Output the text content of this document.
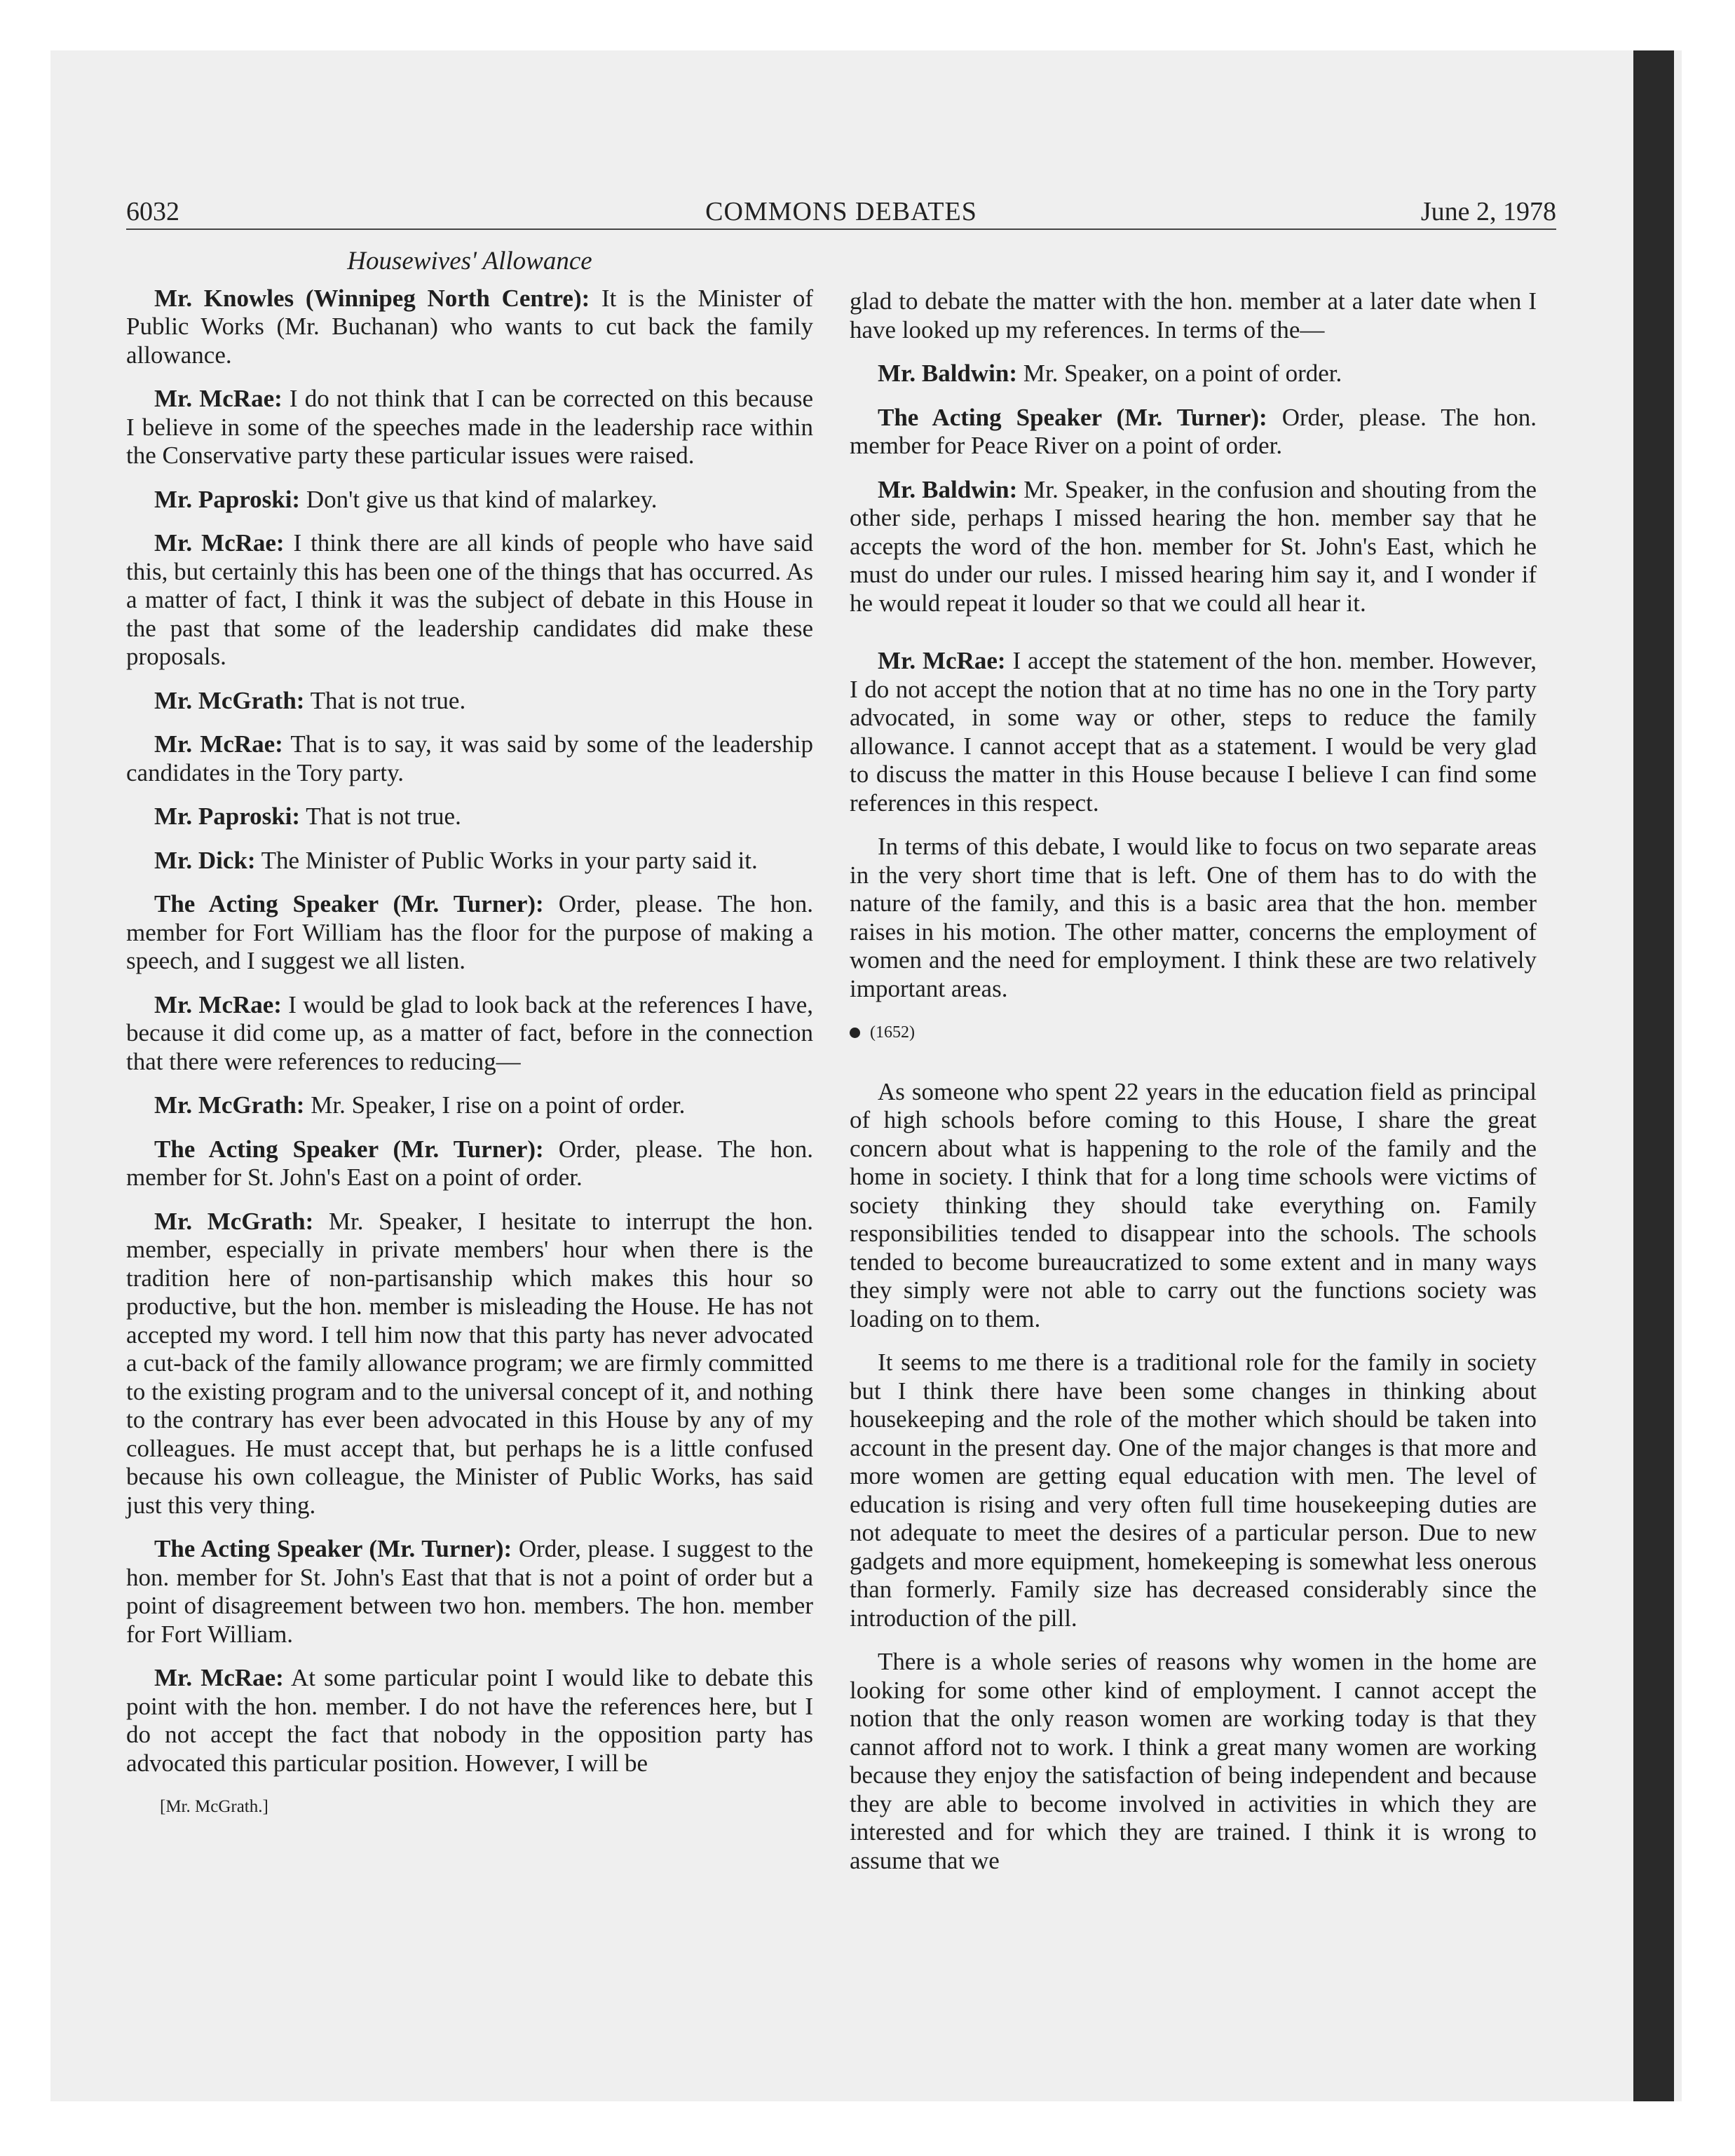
6032	COMMONS DEBATES	June 2, 1978
Housewives' Allowance

Mr. Knowles (Winnipeg North Centre): It is the Minister of Public Works (Mr. Buchanan) who wants to cut back the family allowance.

Mr. McRae: I do not think that I can be corrected on this because I believe in some of the speeches made in the leadership race within the Conservative party these particular issues were raised.

Mr. Paproski: Don't give us that kind of malarkey.

Mr. McRae: I think there are all kinds of people who have said this, but certainly this has been one of the things that has occurred. As a matter of fact, I think it was the subject of debate in this House in the past that some of the leadership candidates did make these proposals.

Mr. McGrath: That is not true.

Mr. McRae: That is to say, it was said by some of the leadership candidates in the Tory party.

Mr. Paproski: That is not true.

Mr. Dick: The Minister of Public Works in your party said it.

The Acting Speaker (Mr. Turner): Order, please. The hon. member for Fort William has the floor for the purpose of making a speech, and I suggest we all listen.

Mr. McRae: I would be glad to look back at the references I have, because it did come up, as a matter of fact, before in the connection that there were references to reducing—

Mr. McGrath: Mr. Speaker, I rise on a point of order.

The Acting Speaker (Mr. Turner): Order, please. The hon. member for St. John's East on a point of order.

Mr. McGrath: Mr. Speaker, I hesitate to interrupt the hon. member, especially in private members' hour when there is the tradition here of non-partisanship which makes this hour so productive, but the hon. member is misleading the House. He has not accepted my word. I tell him now that this party has never advocated a cut-back of the family allowance program; we are firmly committed to the existing program and to the universal concept of it, and nothing to the contrary has ever been advocated in this House by any of my colleagues. He must accept that, but perhaps he is a little confused because his own colleague, the Minister of Public Works, has said just this very thing.

The Acting Speaker (Mr. Turner): Order, please. I suggest to the hon. member for St. John's East that that is not a point of order but a point of disagreement between two hon. members. The hon. member for Fort William.

Mr. McRae: At some particular point I would like to debate this point with the hon. member. I do not have the references here, but I do not accept the fact that nobody in the opposition party has advocated this particular position. However, I will be

[Mr. McGrath.]

glad to debate the matter with the hon. member at a later date when I have looked up my references. In terms of the—

Mr. Baldwin: Mr. Speaker, on a point of order.

The Acting Speaker (Mr. Turner): Order, please. The hon. member for Peace River on a point of order.

Mr. Baldwin: Mr. Speaker, in the confusion and shouting from the other side, perhaps I missed hearing the hon. member say that he accepts the word of the hon. member for St. John's East, which he must do under our rules. I missed hearing him say it, and I wonder if he would repeat it louder so that we could all hear it.

Mr. McRae: I accept the statement of the hon. member. However, I do not accept the notion that at no time has no one in the Tory party advocated, in some way or other, steps to reduce the family allowance. I cannot accept that as a statement. I would be very glad to discuss the matter in this House because I believe I can find some references in this respect.

In terms of this debate, I would like to focus on two separate areas in the very short time that is left. One of them has to do with the nature of the family, and this is a basic area that the hon. member raises in his motion. The other matter, concerns the employment of women and the need for employment. I think these are two relatively important areas.

(1652)

As someone who spent 22 years in the education field as principal of high schools before coming to this House, I share the great concern about what is happening to the role of the family and the home in society. I think that for a long time schools were victims of society thinking they should take everything on. Family responsibilities tended to disappear into the schools. The schools tended to become bureaucratized to some extent and in many ways they simply were not able to carry out the functions society was loading on to them.

It seems to me there is a traditional role for the family in society but I think there have been some changes in thinking about housekeeping and the role of the mother which should be taken into account in the present day. One of the major changes is that more and more women are getting equal education with men. The level of education is rising and very often full time housekeeping duties are not adequate to meet the desires of a particular person. Due to new gadgets and more equipment, homekeeping is somewhat less onerous than formerly. Family size has decreased considerably since the introduction of the pill.

There is a whole series of reasons why women in the home are looking for some other kind of employment. I cannot accept the notion that the only reason women are working today is that they cannot afford not to work. I think a great many women are working because they enjoy the satisfaction of being independent and because they are able to become involved in activities in which they are interested and for which they are trained. I think it is wrong to assume that we
